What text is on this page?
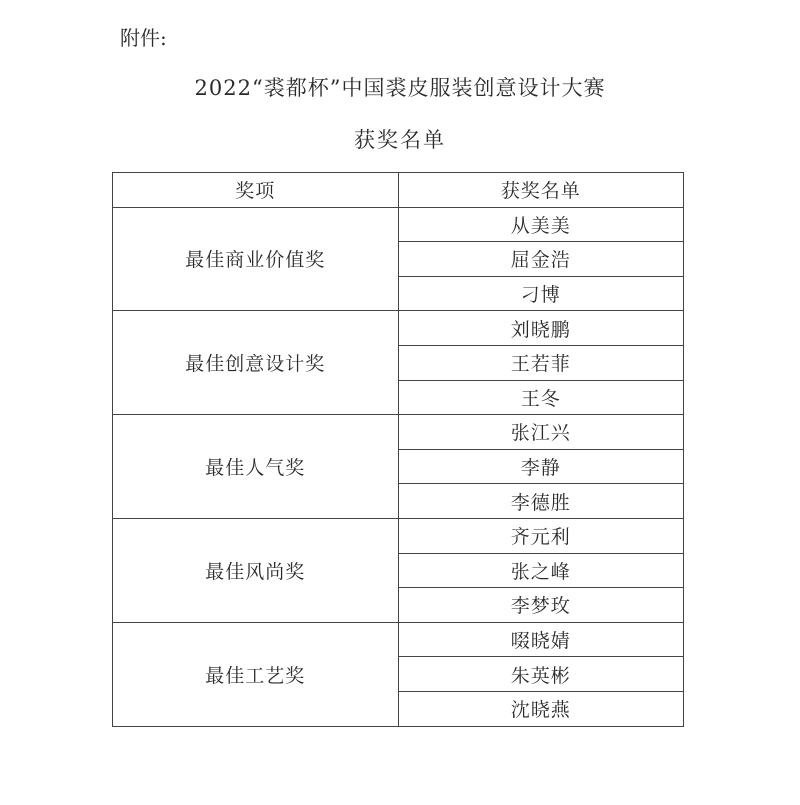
附件:
2022“裘都杯”中国裘皮服装创意设计大赛
获奖名单
奖项	获奖名单
最佳商业价值奖	从美美
	屈金浩
	刁博
最佳创意设计奖	刘晓鹏
	王若菲
	王冬
最佳人气奖	张江兴
	李静
	李德胜
最佳风尚奖	齐元利
	张之峰
	李梦玫
最佳工艺奖	啜晓婧
	朱英彬
	沈晓燕
